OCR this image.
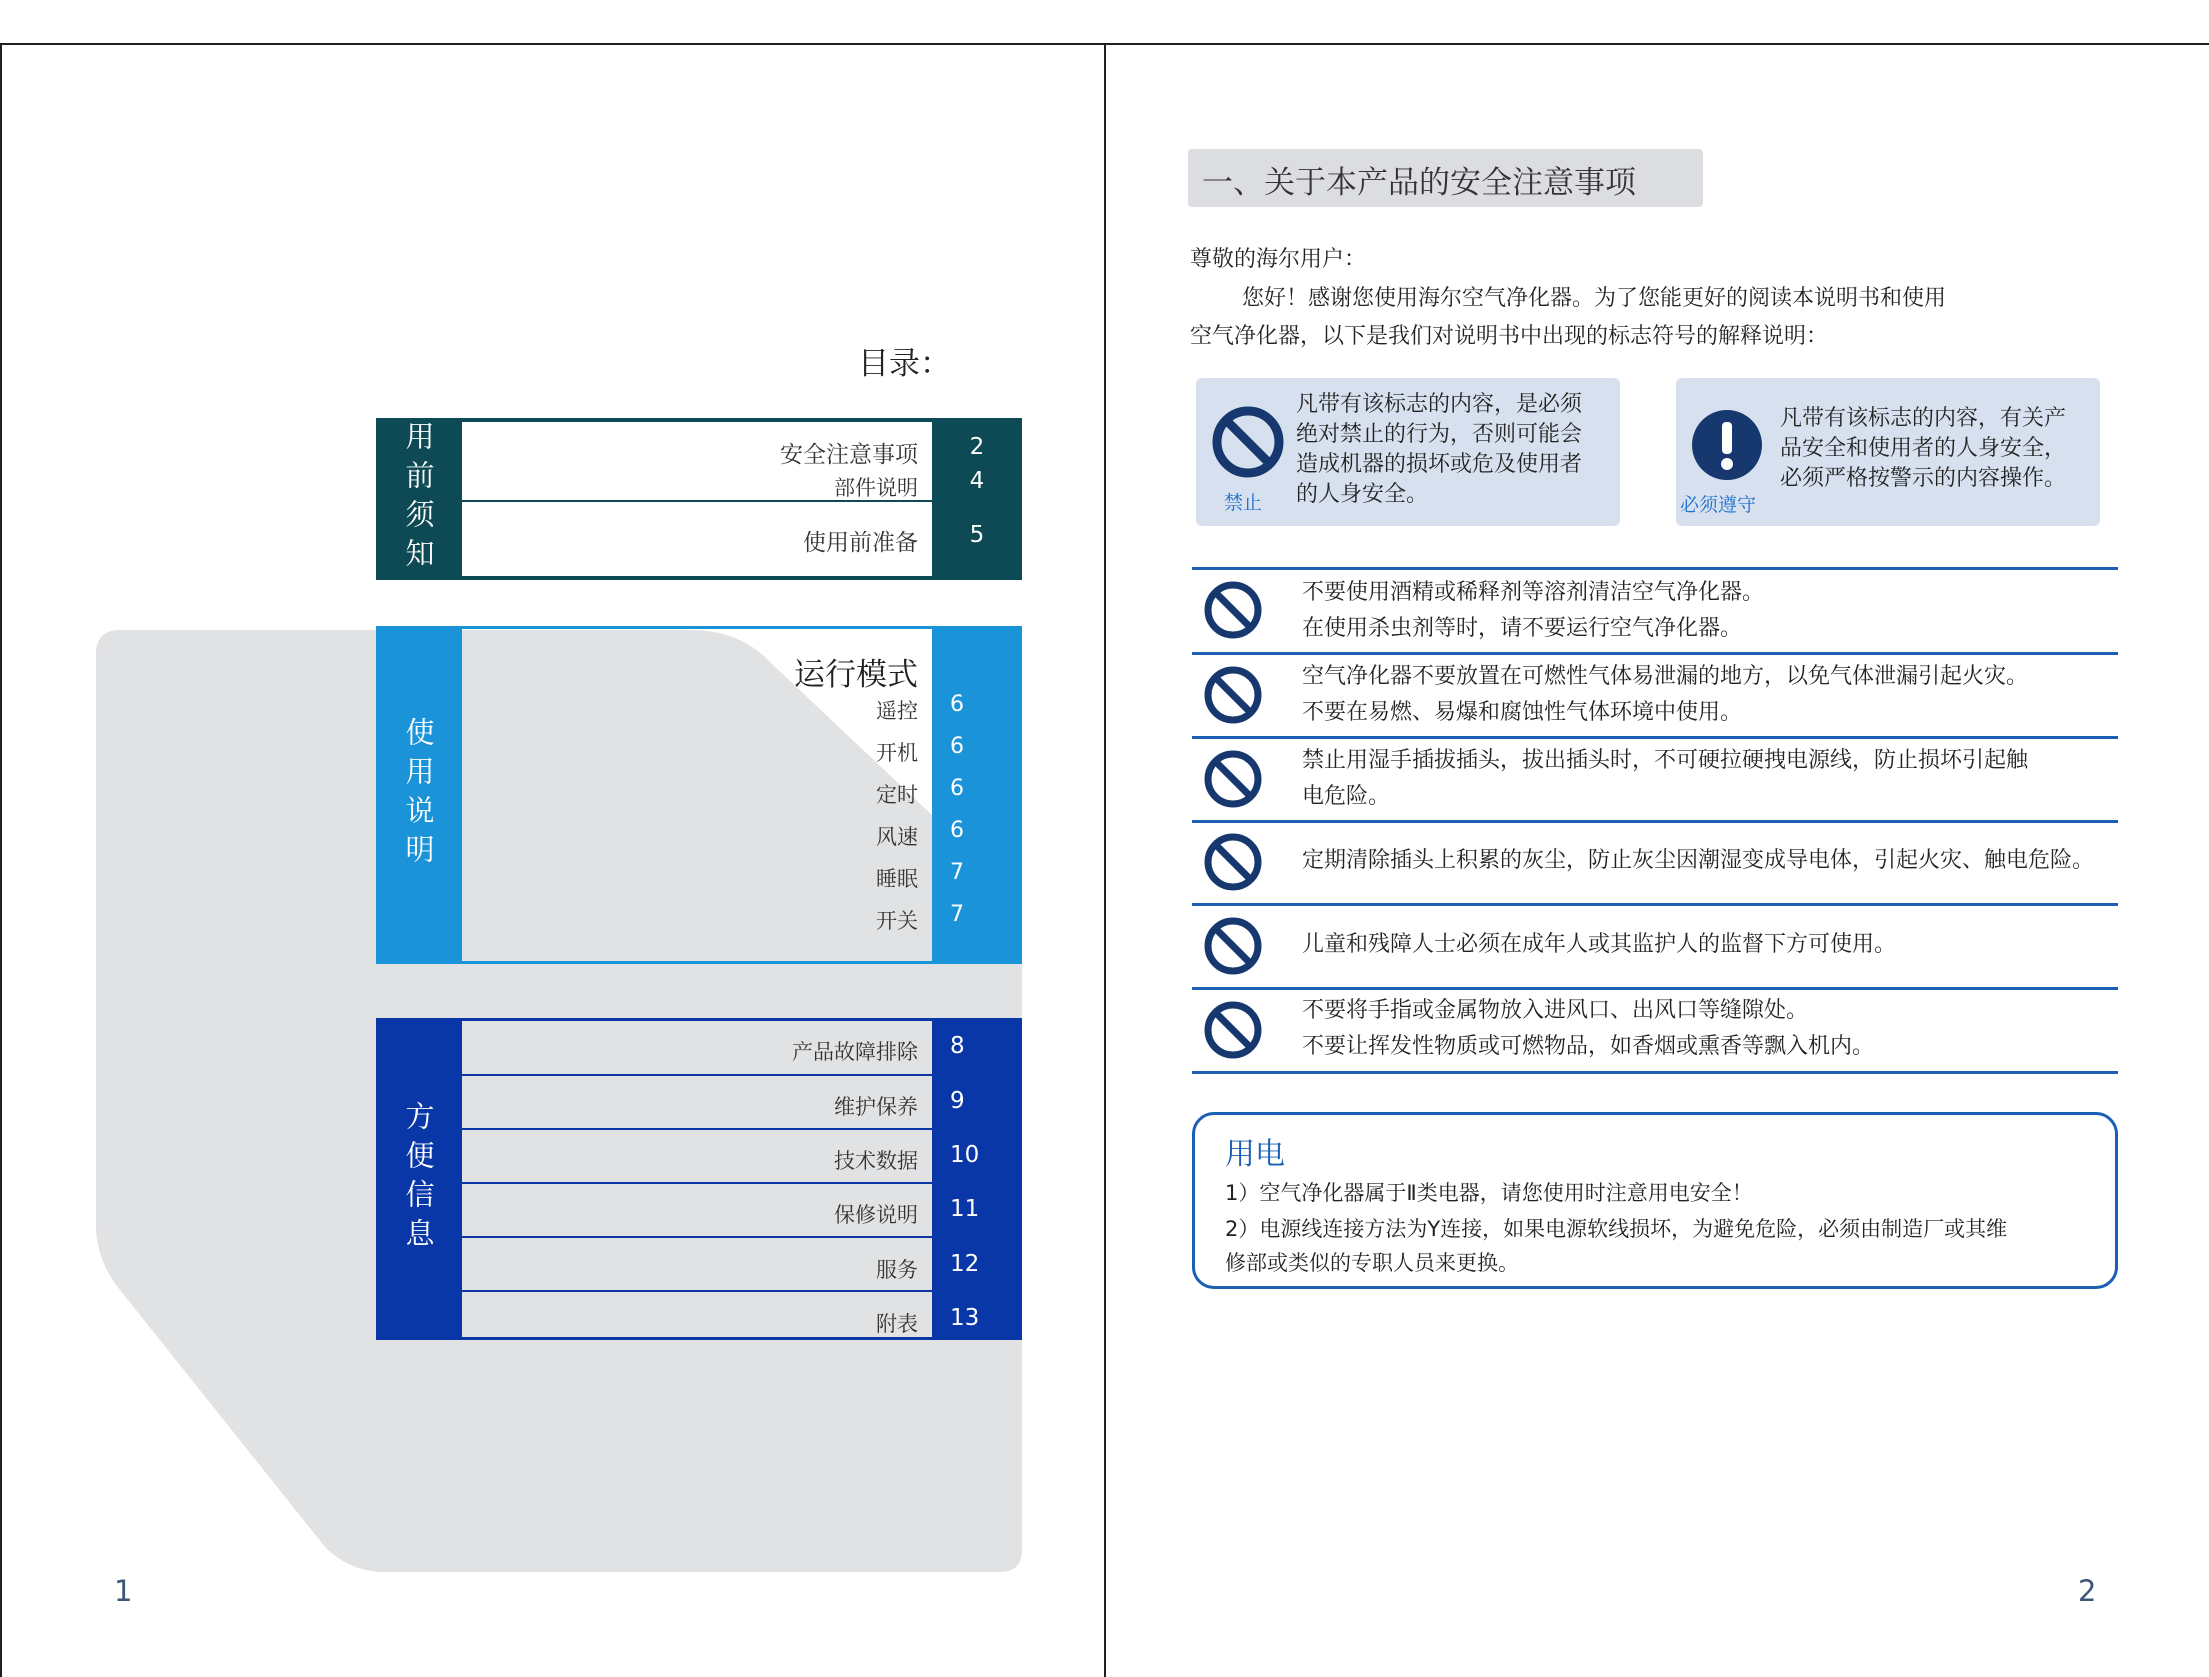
目录：
用前须知	安全注意事项
部件说明
使用前准备
2
4
5
使用说明
运行模式
遥控
开机
定时
风速
睡眠
开关
6
6
6
6
7
7
方便信息
产品故障排除
维护保养
技术数据
保修说明
服务
附表
8
9
10
11
12
13
1
一、关于本产品的安全注意事项
尊敬的海尔用户：
您好！感谢您使用海尔空气净化器。为了您能更好的阅读本说明书和使用
空气净化器，以下是我们对说明书中出现的标志符号的解释说明：
禁止
凡带有该标志的内容，是必须
绝对禁止的行为，否则可能会
造成机器的损坏或危及使用者
的人身安全。	必须遵守
凡带有该标志的内容，有关产
品安全和使用者的人身安全，
必须严格按警示的内容操作。
不要使用酒精或稀释剂等溶剂清洁空气净化器。
在使用杀虫剂等时，请不要运行空气净化器。
空气净化器不要放置在可燃性气体易泄漏的地方，以免气体泄漏引起火灾。
不要在易燃、易爆和腐蚀性气体环境中使用。
禁止用湿手插拔插头，拔出插头时，不可硬拉硬拽电源线，防止损坏引起触
电危险。
定期清除插头上积累的灰尘，防止灰尘因潮湿变成导电体，引起火灾、触电危险。
儿童和残障人士必须在成年人或其监护人的监督下方可使用。
不要将手指或金属物放入进风口、出风口等缝隙处。
不要让挥发性物质或可燃物品，如香烟或熏香等飘入机内。
用电
1）空气净化器属于Ⅱ类电器，请您使用时注意用电安全！
2）电源线连接方法为Y连接，如果电源软线损坏，为避免危险，必须由制造厂或其维
修部或类似的专职人员来更换。
2
